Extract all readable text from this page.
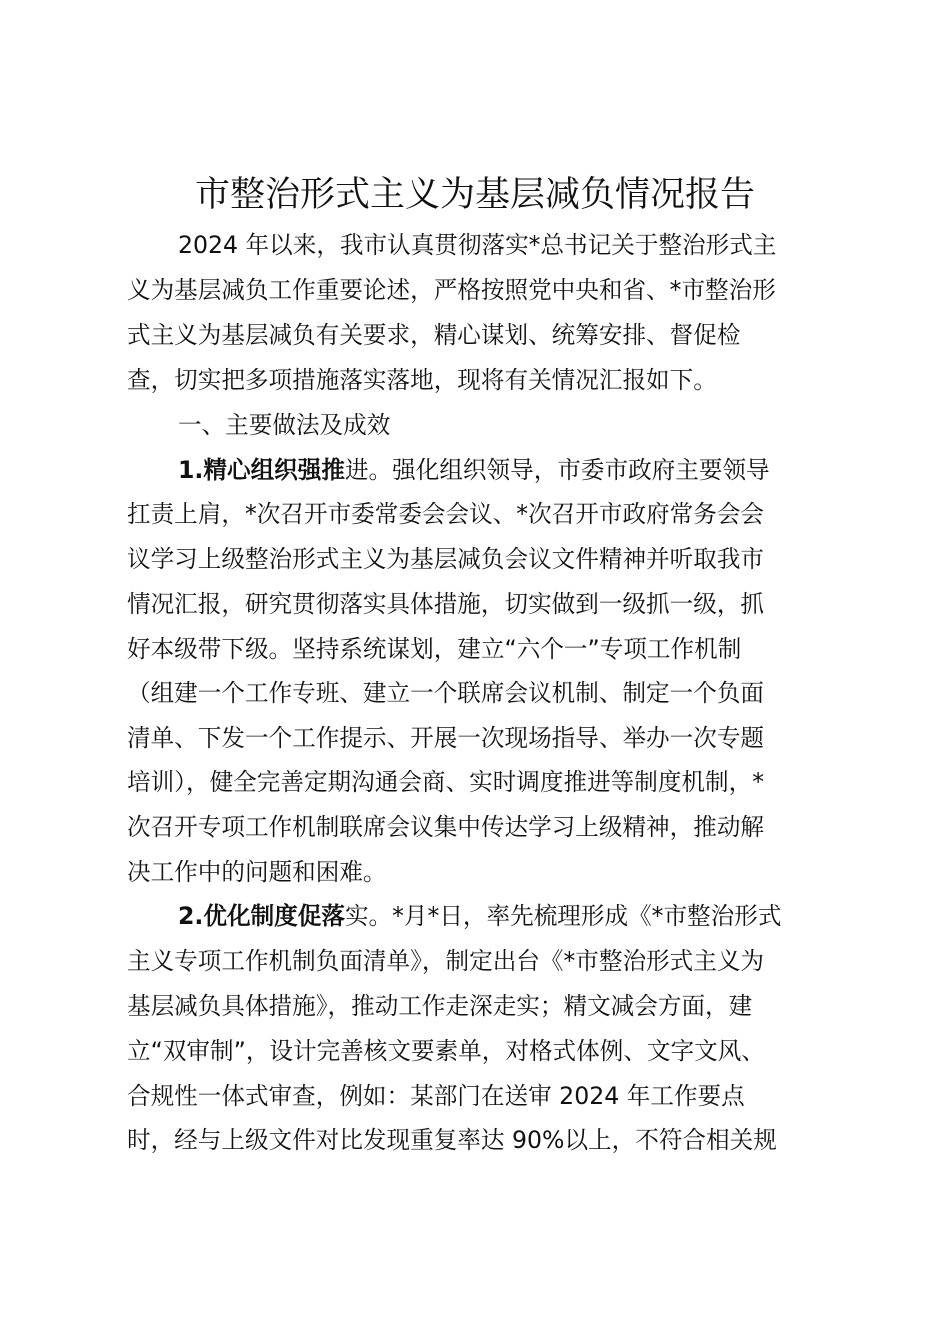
市整治形式主义为基层减负情况报告
2024 年以来，我市认真贯彻落实*总书记关于整治形式主
义为基层减负工作重要论述，严格按照党中央和省、*市整治形
式主义为基层减负有关要求，精心谋划、统筹安排、督促检
查，切实把多项措施落实落地，现将有关情况汇报如下。
一、主要做法及成效
1.精心组织强推进。强化组织领导，市委市政府主要领导
扛责上肩，*次召开市委常委会会议、*次召开市政府常务会会
议学习上级整治形式主义为基层减负会议文件精神并听取我市
情况汇报，研究贯彻落实具体措施，切实做到一级抓一级，抓
好本级带下级。坚持系统谋划，建立“六个一”专项工作机制
（组建一个工作专班、建立一个联席会议机制、制定一个负面
清单、下发一个工作提示、开展一次现场指导、举办一次专题
培训），健全完善定期沟通会商、实时调度推进等制度机制，*
次召开专项工作机制联席会议集中传达学习上级精神，推动解
决工作中的问题和困难。
2.优化制度促落实。*月*日，率先梳理形成《*市整治形式
主义专项工作机制负面清单》，制定出台《*市整治形式主义为
基层减负具体措施》，推动工作走深走实；精文减会方面，建
立“双审制”，设计完善核文要素单，对格式体例、文字文风、
合规性一体式审查，例如：某部门在送审 2024 年工作要点
时，经与上级文件对比发现重复率达 90%以上，不符合相关规
